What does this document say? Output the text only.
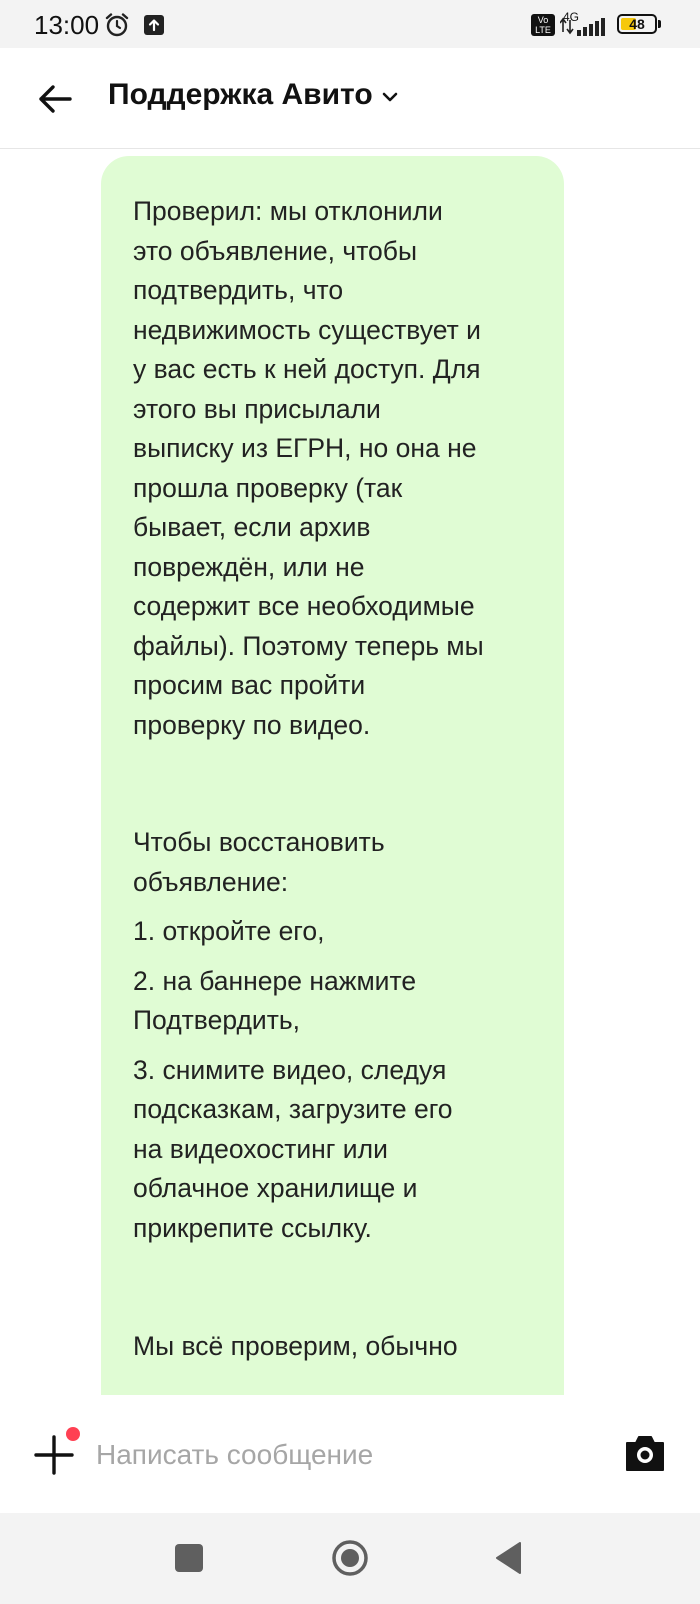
13:00	Vo
LTE
4G	48
Поддержка Авито

Проверил: мы отклонили
это объявление, чтобы
подтвердить, что
недвижимость существует и
у вас есть к ней доступ. Для
этого вы присылали
выписку из ЕГРН, но она не
прошла проверку (так
бывает, если архив
повреждён, или не
содержит все необходимые
файлы). Поэтому теперь мы
просим вас пройти
проверку по видео.

Чтобы восстановить
объявление:

1. откройте его,

2. на баннере нажмите
Подтвердить,

3. снимите видео, следуя
подсказкам, загрузите его
на видеохостинг или
облачное хранилище и
прикрепите ссылку.

Мы всё проверим, обычно

Написать сообщение
